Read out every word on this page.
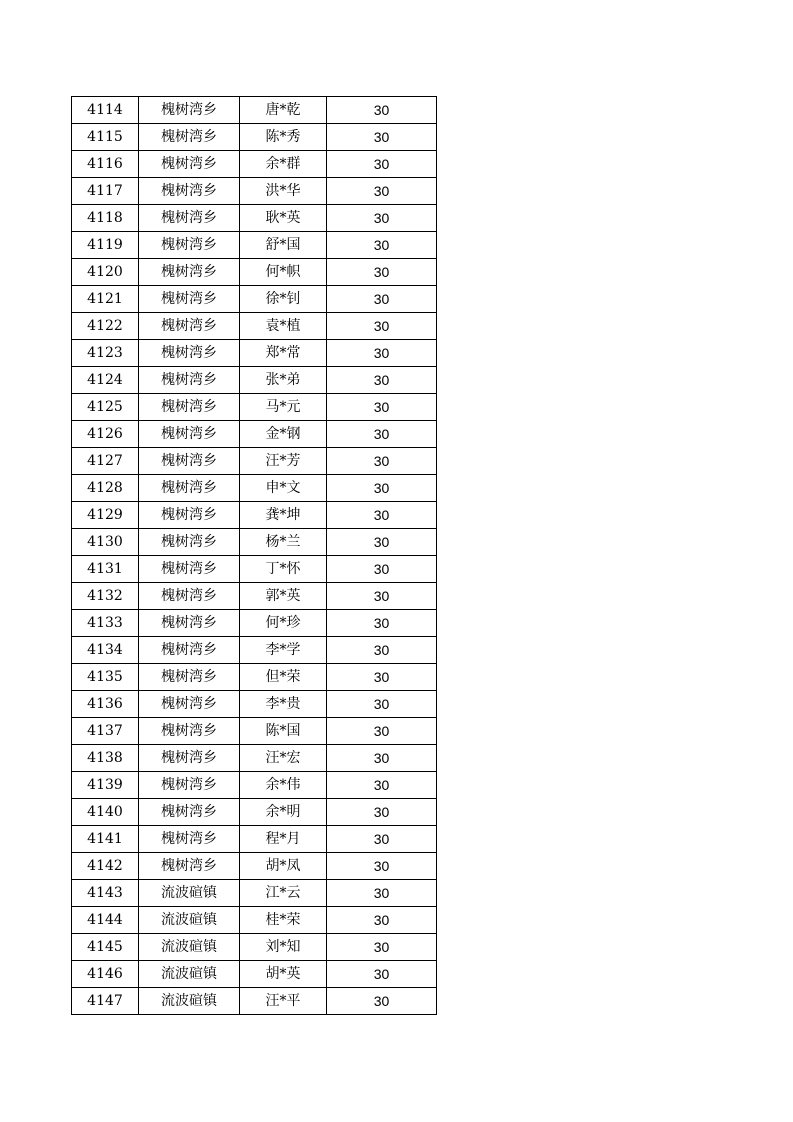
4114	槐树湾乡	唐*乾	30
4115	槐树湾乡	陈*秀	30
4116	槐树湾乡	余*群	30
4117	槐树湾乡	洪*华	30
4118	槐树湾乡	耿*英	30
4119	槐树湾乡	舒*国	30
4120	槐树湾乡	何*帜	30
4121	槐树湾乡	徐*钊	30
4122	槐树湾乡	袁*植	30
4123	槐树湾乡	郑*常	30
4124	槐树湾乡	张*弟	30
4125	槐树湾乡	马*元	30
4126	槐树湾乡	金*钢	30
4127	槐树湾乡	汪*芳	30
4128	槐树湾乡	申*文	30
4129	槐树湾乡	龚*坤	30
4130	槐树湾乡	杨*兰	30
4131	槐树湾乡	丁*怀	30
4132	槐树湾乡	郭*英	30
4133	槐树湾乡	何*珍	30
4134	槐树湾乡	李*学	30
4135	槐树湾乡	但*荣	30
4136	槐树湾乡	李*贵	30
4137	槐树湾乡	陈*国	30
4138	槐树湾乡	汪*宏	30
4139	槐树湾乡	余*伟	30
4140	槐树湾乡	余*明	30
4141	槐树湾乡	程*月	30
4142	槐树湾乡	胡*凤	30
4143	流波碹镇	江*云	30
4144	流波碹镇	桂*荣	30
4145	流波碹镇	刘*知	30
4146	流波碹镇	胡*英	30
4147	流波碹镇	汪*平	30
